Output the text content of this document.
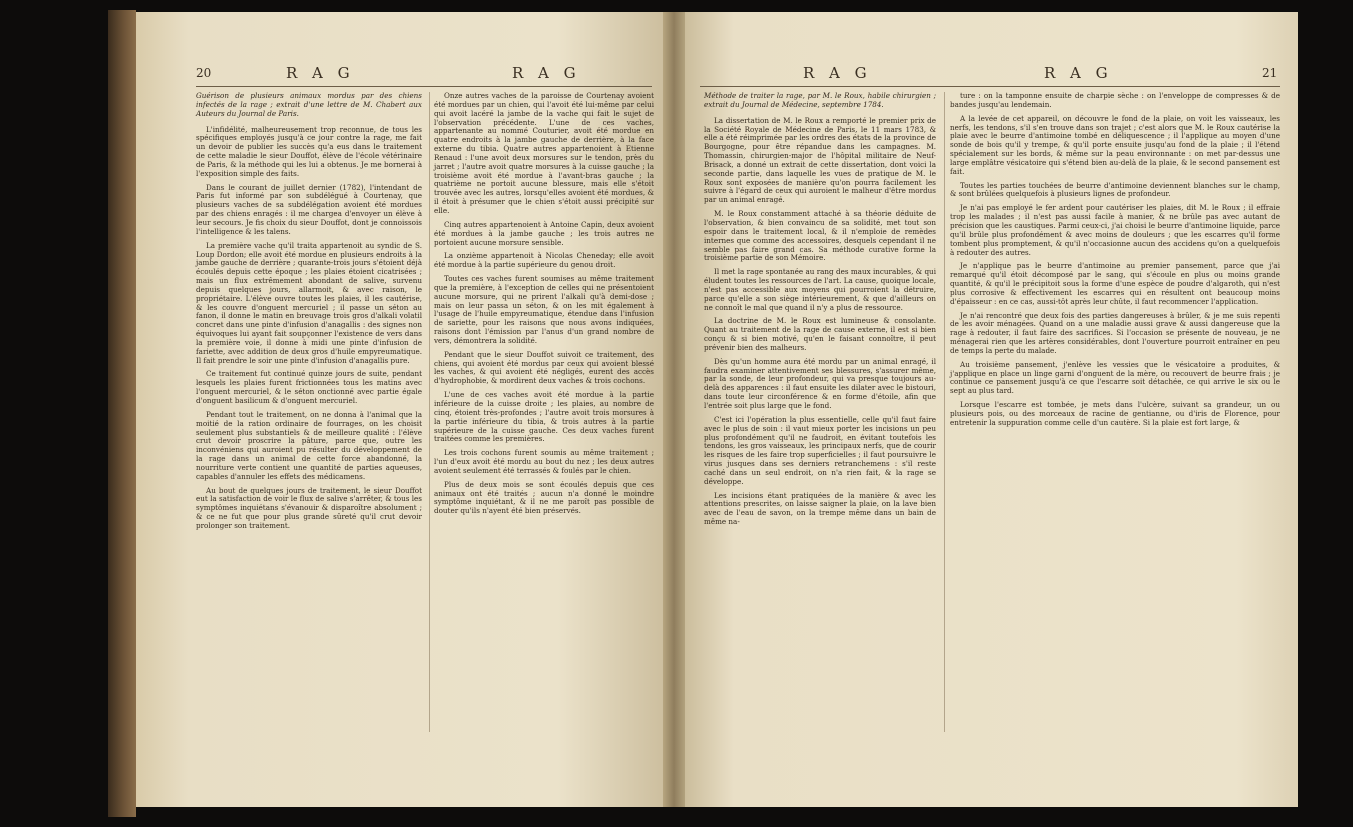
20	R A G	R A G

Guérison de plusieurs animaux mordus par des chiens infectés de la rage ; extrait d'une lettre de M. Chabert aux Auteurs du Journal de Paris.

L'infidélité, malheureusement trop reconnue, de tous les spécifiques employés jusqu'à ce jour contre la rage, me fait un devoir de publier les succès qu'a eus dans le traitement de cette maladie le sieur Douffot, élève de l'école vétérinaire de Paris, & la méthode qui les lui a obtenus. Je me bornerai à l'exposition simple des faits.

Dans le courant de juillet dernier (1782), l'intendant de Paris fut informé par son subdélégué à Courtenay, que plusieurs vaches de sa subdélégation avoient été mordues par des chiens enragés : il me chargea d'envoyer un élève à leur secours. Je fis choix du sieur Douffot, dont je connoissois l'intelligence & les talens.

La première vache qu'il traita appartenoit au syndic de S. Loup Dordon; elle avoit été mordue en plusieurs endroits à la jambe gauche de derrière ; quarante-trois jours s'étoient déjà écoulés depuis cette époque ; les plaies étoient cicatrisées ; mais un flux extrêmement abondant de salive, survenu depuis quelques jours, allarmoit, & avec raison, le propriétaire. L'élève ouvre toutes les plaies, il les cautérise, & les couvre d'onguent mercuriel ; il passe un séton au fanon, il donne le matin en breuvage trois gros d'alkali volatil concret dans une pinte d'infusion d'anagallis : des signes non équivoques lui ayant fait soupçonner l'existence de vers dans la première voie, il donne à midi une pinte d'infusion de fariette, avec addition de deux gros d'huile empyreumatique. Il fait prendre le soir une pinte d'infusion d'anagallis pure.

Ce traitement fut continué quinze jours de suite, pendant lesquels les plaies furent frictionnées tous les matins avec l'onguent mercuriel, & le séton onctionné avec partie égale d'onguent basilicum & d'onguent mercuriel.

Pendant tout le traitement, on ne donna à l'animal que la moitié de la ration ordinaire de fourrages, on les choisit seulement plus substantiels & de meilleure qualité : l'élève crut devoir proscrire la pâture, parce que, outre les inconvéniens qui auroient pu résulter du développement de la rage dans un animal de cette force abandonné, la nourriture verte contient une quantité de parties aqueuses, capables d'annuler les effets des médicamens.

Au bout de quelques jours de traitement, le sieur Douffot eut la satisfaction de voir le flux de salive s'arrêter, & tous les symptômes inquiétans s'évanouir & disparoître absolument ; & ce ne fut que pour plus grande sûreté qu'il crut devoir prolonger son traitement.

Onze autres vaches de la paroisse de Courtenay avoient été mordues par un chien, qui l'avoit été lui-même par celui qui avoit lacéré la jambe de la vache qui fait le sujet de l'observation précédente. L'une de ces vaches, appartenante au nommé Couturier, avoit été mordue en quatre endroits à la jambe gauche de derrière, à la face externe du tibia. Quatre autres appartenoient à Etienne Renaud : l'une avoit deux morsures sur le tendon, près du jarret ; l'autre avoit quatre morsures à la cuisse gauche ; la troisième avoit été mordue à l'avant-bras gauche ; la quatrième ne portoit aucune blessure, mais elle s'étoit trouvée avec les autres, lorsqu'elles avoient été mordues, & il étoit à présumer que le chien s'étoit aussi précipité sur elle.

Cinq autres appartenoient à Antoine Capin, deux avoient été mordues à la jambe gauche ; les trois autres ne portoient aucune morsure sensible.

La onzième appartenoit à Nicolas Cheneday; elle avoit été mordue à la partie supérieure du genou droit.

Toutes ces vaches furent soumises au même traitement que la première, à l'exception de celles qui ne présentoient aucune morsure, qui ne prirent l'alkali qu'à demi-dose ; mais on leur passa un séton, & on les mit également à l'usage de l'huile empyreumatique, étendue dans l'infusion de sariette, pour les raisons que nous avons indiquées, raisons dont l'émission par l'anus d'un grand nombre de vers, démontrera la solidité.

Pendant que le sieur Douffot suivoit ce traitement, des chiens, qui avoient été mordus par ceux qui avoient blessé les vaches, & qui avoient été négligés, eurent des accès d'hydrophobie, & mordirent deux vaches & trois cochons.

L'une de ces vaches avoit été mordue à la partie inférieure de la cuisse droite ; les plaies, au nombre de cinq, étoient très-profondes ; l'autre avoit trois morsures à la partie inférieure du tibia, & trois autres à la partie supérieure de la cuisse gauche. Ces deux vaches furent traitées comme les premières.

Les trois cochons furent soumis au même traitement ; l'un d'eux avoit été mordu au bout du nez ; les deux autres avoient seulement été terrassés & foulés par le chien.

Plus de deux mois se sont écoulés depuis que ces animaux ont été traités ; aucun n'a donné le moindre symptôme inquiétant, & il ne me paroît pas possible de douter qu'ils n'ayent été bien préservés.

R A G	R A G	21

Méthode de traiter la rage, par M. le Roux, habile chirurgien ; extrait du Journal de Médecine, septembre 1784.

La dissertation de M. le Roux a remporté le premier prix de la Société Royale de Médecine de Paris, le 11 mars 1783, & elle a été réimprimée par les ordres des états de la province de Bourgogne, pour être répandue dans les campagnes. M. Thomassin, chirurgien-major de l'hôpital militaire de Neuf-Brisack, a donné un extrait de cette dissertation, dont voici la seconde partie, dans laquelle les vues de pratique de M. le Roux sont exposées de manière qu'on pourra facilement les suivre à l'égard de ceux qui auroient le malheur d'être mordus par un animal enragé.

M. le Roux constamment attaché à sa théorie déduite de l'observation, & bien convaincu de sa solidité, met tout son espoir dans le traitement local, & il n'emploie de remèdes internes que comme des accessoires, desquels cependant il ne semble pas faire grand cas. Sa méthode curative forme la troisième partie de son Mémoire.

Il met la rage spontanée au rang des maux incurables, & qui éludent toutes les ressources de l'art. La cause, quoique locale, n'est pas accessible aux moyens qui pourroient la détruire, parce qu'elle a son siège intérieurement, & que d'ailleurs on ne connoît le mal que quand il n'y a plus de ressource.

La doctrine de M. le Roux est lumineuse & consolante. Quant au traitement de la rage de cause externe, il est si bien conçu & si bien motivé, qu'en le faisant connoître, il peut prévenir bien des malheurs.

Dès qu'un homme aura été mordu par un animal enragé, il faudra examiner attentivement ses blessures, s'assurer même, par la sonde, de leur profondeur, qui va presque toujours au-delà des apparences : il faut ensuite les dilater avec le bistouri, dans toute leur circonférence & en forme d'étoile, afin que l'entrée soit plus large que le fond.

C'est ici l'opération la plus essentielle, celle qu'il faut faire avec le plus de soin : il vaut mieux porter les incisions un peu plus profondément qu'il ne faudroit, en évitant toutefois les tendons, les gros vaisseaux, les principaux nerfs, que de courir les risques de les faire trop superficielles ; il faut poursuivre le virus jusques dans ses derniers retranchemens : s'il reste caché dans un seul endroit, on n'a rien fait, & la rage se développe.

Les incisions étant pratiquées de la manière & avec les attentions prescrites, on laisse saigner la plaie, on la lave bien avec de l'eau de savon, on la trempe même dans un bain de même na-

ture : on la tamponne ensuite de charpie sèche : on l'enveloppe de compresses & de bandes jusqu'au lendemain.

A la levée de cet appareil, on découvre le fond de la plaie, on voit les vaisseaux, les nerfs, les tendons, s'il s'en trouve dans son trajet ; c'est alors que M. le Roux cautérise la plaie avec le beurre d'antimoine tombé en déliquescence ; il l'applique au moyen d'une sonde de bois qu'il y trempe, & qu'il porte ensuite jusqu'au fond de la plaie ; il l'étend spécialement sur les bords, & même sur la peau environnante : on met par-dessus une large emplâtre vésicatoire qui s'étend bien au-delà de la plaie, & le second pansement est fait.

Toutes les parties touchées de beurre d'antimoine deviennent blanches sur le champ, & sont brûlées quelquefois à plusieurs lignes de profondeur.

Je n'ai pas employé le fer ardent pour cautériser les plaies, dit M. le Roux ; il effraie trop les malades ; il n'est pas aussi facile à manier, & ne brûle pas avec autant de précision que les caustiques. Parmi ceux-ci, j'ai choisi le beurre d'antimoine liquide, parce qu'il brûle plus profondément & avec moins de douleurs ; que les escarres qu'il forme tombent plus promptement, & qu'il n'occasionne aucun des accidens qu'on a quelquefois à redouter des autres.

Je n'applique pas le beurre d'antimoine au premier pansement, parce que j'ai remarqué qu'il étoit décomposé par le sang, qui s'écoule en plus ou moins grande quantité, & qu'il le précipitoit sous la forme d'une espèce de poudre d'algaroth, qui n'est plus corrosive & effectivement les escarres qui en résultent ont beaucoup moins d'épaisseur : en ce cas, aussi-tôt après leur chûte, il faut recommencer l'application.

Je n'ai rencontré que deux fois des parties dangereuses à brûler, & je me suis repenti de les avoir ménagées. Quand on a une maladie aussi grave & aussi dangereuse que la rage à redouter, il faut faire des sacrifices. Si l'occasion se présente de nouveau, je ne ménagerai rien que les artères considérables, dont l'ouverture pourroit entraîner en peu de temps la perte du malade.

Au troisième pansement, j'enlève les vessies que le vésicatoire a produites, & j'applique en place un linge garni d'onguent de la mère, ou recouvert de beurre frais ; je continue ce pansement jusqu'à ce que l'escarre soit détachée, ce qui arrive le six ou le sept au plus tard.

Lorsque l'escarre est tombée, je mets dans l'ulcère, suivant sa grandeur, un ou plusieurs pois, ou des morceaux de racine de gentianne, ou d'iris de Florence, pour entretenir la suppuration comme celle d'un cautère. Si la plaie est fort large, &
